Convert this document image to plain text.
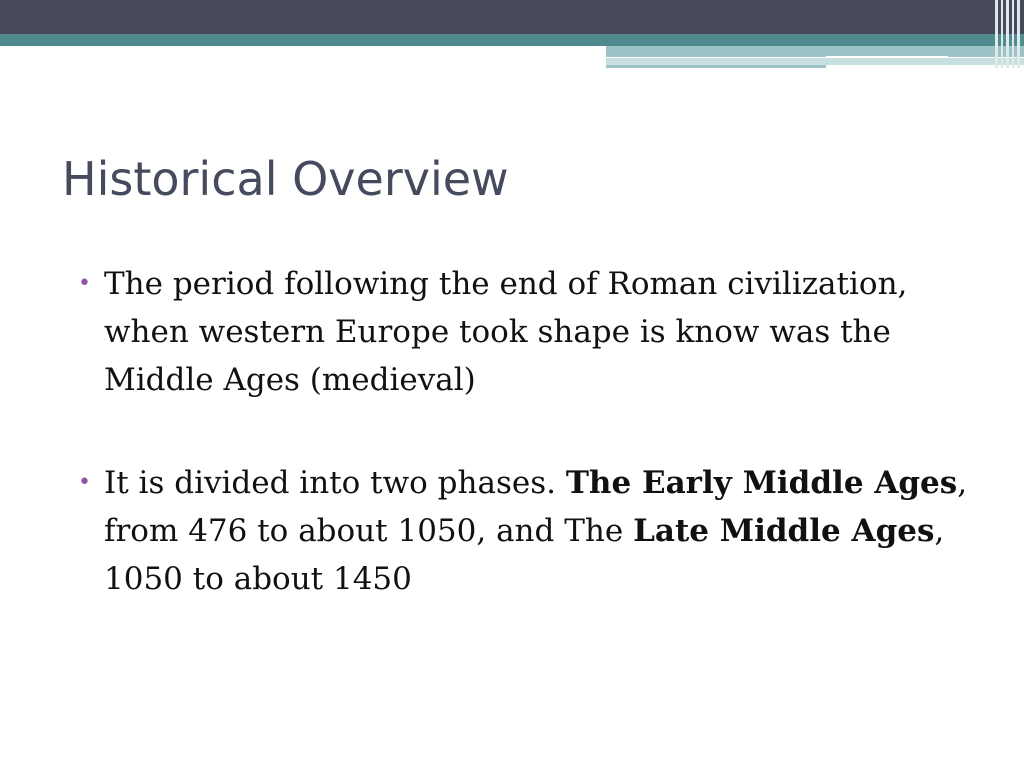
Historical Overview
• The period following the end of Roman civilization, when western Europe took shape is know was the Middle Ages (medieval)
• It is divided into two phases. The Early Middle Ages, from 476 to about 1050, and The Late Middle Ages, 1050 to about 1450
